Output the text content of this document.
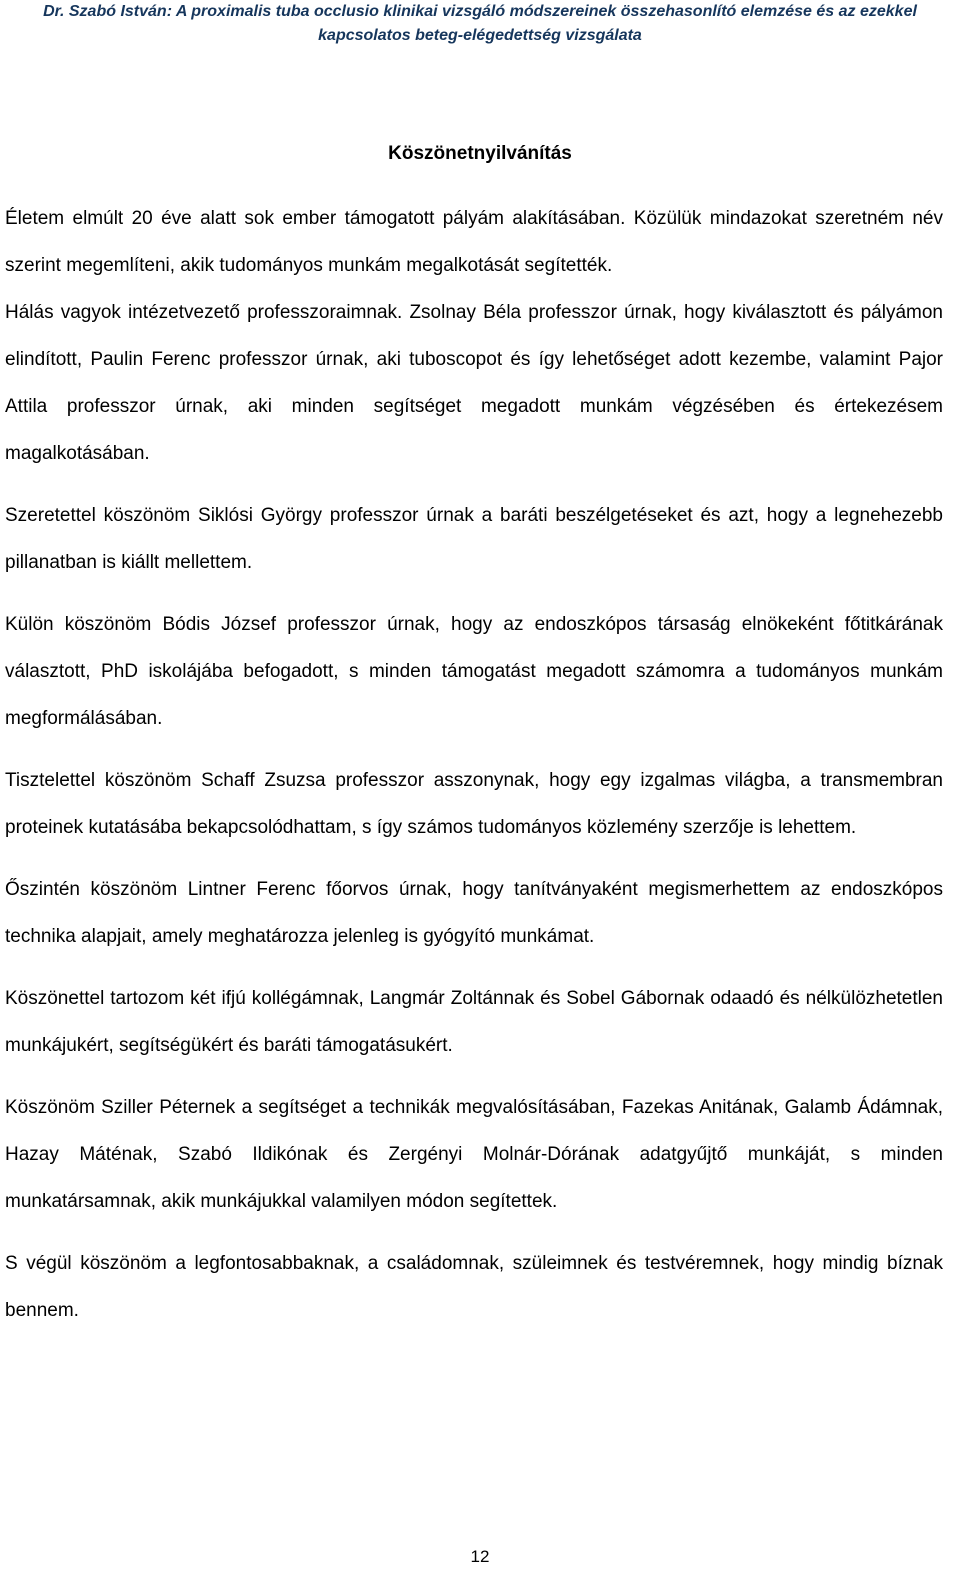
Dr. Szabó István: A proximalis tuba occlusio klinikai vizsgáló módszereinek összehasonlító elemzése és az ezekkel
kapcsolatos beteg-elégedettség vizsgálata
Köszönetnyilvánítás

Életem elmúlt 20 éve alatt sok ember támogatott pályám alakításában. Közülük mindazokat szeretném név szerint megemlíteni, akik tudományos munkám megalkotását segítették.

Hálás vagyok intézetvezető professzoraimnak. Zsolnay Béla professzor úrnak, hogy kiválasztott és pályámon elindított, Paulin Ferenc professzor úrnak, aki tuboscopot és így lehetőséget adott kezembe, valamint Pajor Attila professzor úrnak, aki minden segítséget megadott munkám végzésében és értekezésem magalkotásában.

Szeretettel köszönöm Siklósi György professzor úrnak a baráti beszélgetéseket és azt, hogy a legnehezebb pillanatban is kiállt mellettem.

Külön köszönöm Bódis József professzor úrnak, hogy az endoszkópos társaság elnökeként főtitkárának választott, PhD iskolájába befogadott, s minden támogatást megadott számomra a tudományos munkám megformálásában.

Tisztelettel köszönöm Schaff Zsuzsa professzor asszonynak, hogy egy izgalmas világba, a transmembran proteinek kutatásába bekapcsolódhattam, s így számos tudományos közlemény szerzője is lehettem.

Őszintén köszönöm Lintner Ferenc főorvos úrnak, hogy tanítványaként megismerhettem az endoszkópos technika alapjait, amely meghatározza jelenleg is gyógyító munkámat.

Köszönettel tartozom két ifjú kollégámnak, Langmár Zoltánnak és Sobel Gábornak odaadó és nélkülözhetetlen munkájukért, segítségükért és baráti támogatásukért.

Köszönöm Sziller Péternek a segítséget a technikák megvalósításában, Fazekas Anitának, Galamb Ádámnak, Hazay Máténak, Szabó Ildikónak és Zergényi Molnár-Dórának adatgyűjtő munkáját, s minden munkatársamnak, akik munkájukkal valamilyen módon segítettek.

S végül köszönöm a legfontosabbaknak, a családomnak, szüleimnek és testvéremnek, hogy mindig bíznak bennem.

12
